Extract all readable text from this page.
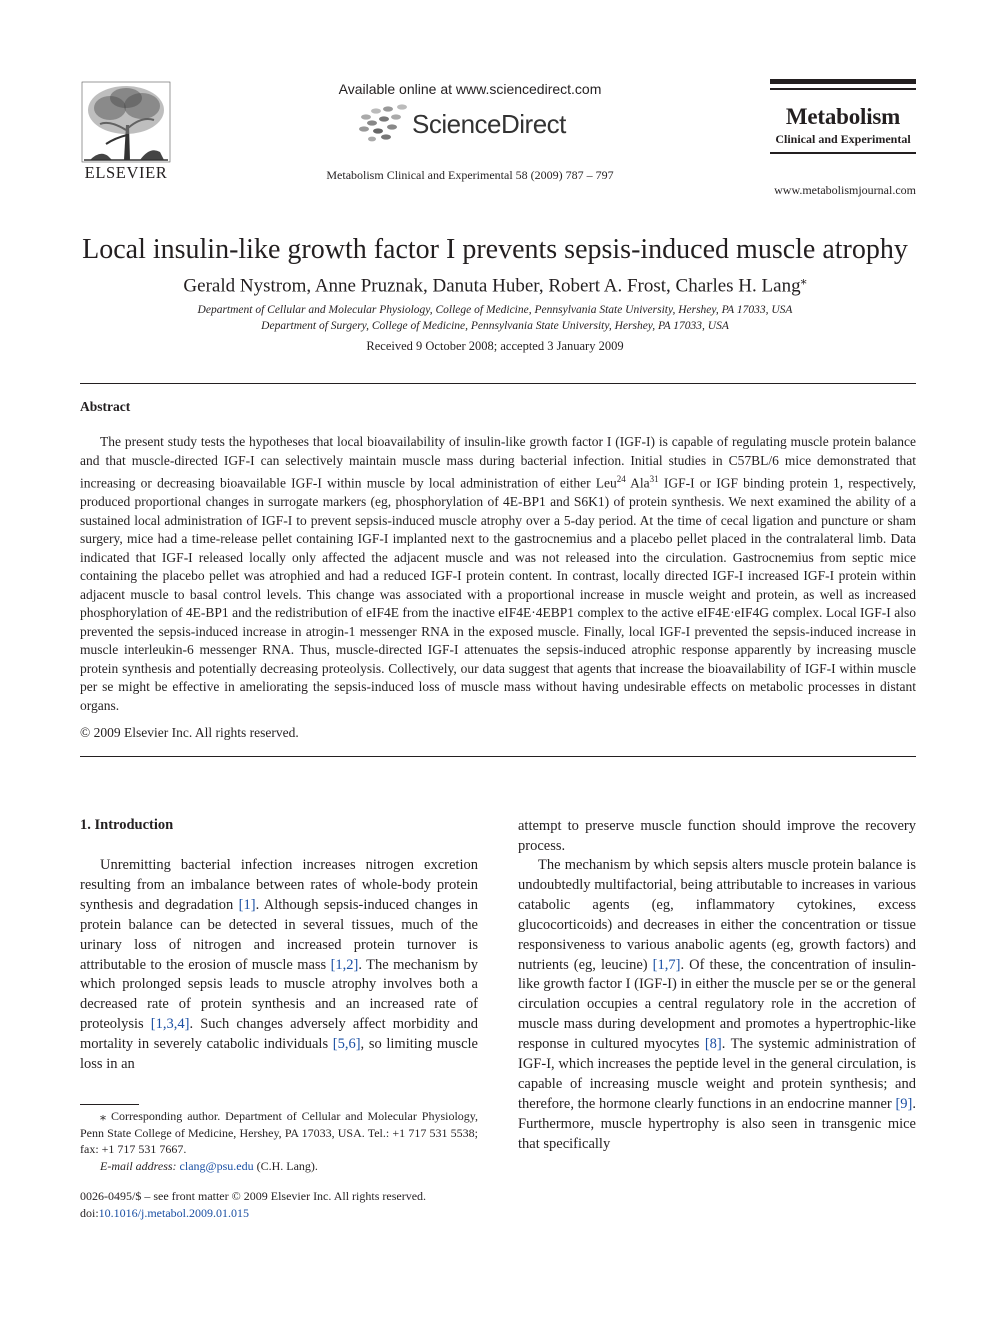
ELSEVIER
Available online at www.sciencedirect.com
ScienceDirect
Metabolism Clinical and Experimental 58 (2009) 787 – 797
Metabolism
Clinical and Experimental
www.metabolismjournal.com
Local insulin-like growth factor I prevents sepsis-induced muscle atrophy
Gerald Nystrom, Anne Pruznak, Danuta Huber, Robert A. Frost, Charles H. Lang⁎
Department of Cellular and Molecular Physiology, College of Medicine, Pennsylvania State University, Hershey, PA 17033, USA
Department of Surgery, College of Medicine, Pennsylvania State University, Hershey, PA 17033, USA
Received 9 October 2008; accepted 3 January 2009
Abstract
The present study tests the hypotheses that local bioavailability of insulin-like growth factor I (IGF-I) is capable of regulating muscle protein balance and that muscle-directed IGF-I can selectively maintain muscle mass during bacterial infection. Initial studies in C57BL/6 mice demonstrated that increasing or decreasing bioavailable IGF-I within muscle by local administration of either Leu$^{24}$ Ala$^{31}$ IGF-I or IGF binding protein 1, respectively, produced proportional changes in surrogate markers (eg, phosphorylation of 4E-BP1 and S6K1) of protein synthesis. We next examined the ability of a sustained local administration of IGF-I to prevent sepsis-induced muscle atrophy over a 5-day period. At the time of cecal ligation and puncture or sham surgery, mice had a time-release pellet containing IGF-I implanted next to the gastrocnemius and a placebo pellet placed in the contralateral limb. Data indicated that IGF-I released locally only affected the adjacent muscle and was not released into the circulation. Gastrocnemius from septic mice containing the placebo pellet was atrophied and had a reduced IGF-I protein content. In contrast, locally directed IGF-I increased IGF-I protein within adjacent muscle to basal control levels. This change was associated with a proportional increase in muscle weight and protein, as well as increased phosphorylation of 4E-BP1 and the redistribution of eIF4E from the inactive eIF4E·4EBP1 complex to the active eIF4E·eIF4G complex. Local IGF-I also prevented the sepsis-induced increase in atrogin-1 messenger RNA in the exposed muscle. Finally, local IGF-I prevented the sepsis-induced increase in muscle interleukin-6 messenger RNA. Thus, muscle-directed IGF-I attenuates the sepsis-induced atrophic response apparently by increasing muscle protein synthesis and potentially decreasing proteolysis. Collectively, our data suggest that agents that increase the bioavailability of IGF-I within muscle per se might be effective in ameliorating the sepsis-induced loss of muscle mass without having undesirable effects on metabolic processes in distant organs.
© 2009 Elsevier Inc. All rights reserved.
1. Introduction
Unremitting bacterial infection increases nitrogen excretion resulting from an imbalance between rates of whole-body protein synthesis and degradation [1]. Although sepsis-induced changes in protein balance can be detected in several tissues, much of the urinary loss of nitrogen and increased protein turnover is attributable to the erosion of muscle mass [1,2]. The mechanism by which prolonged sepsis leads to muscle atrophy involves both a decreased rate of protein synthesis and an increased rate of proteolysis [1,3,4]. Such changes adversely affect morbidity and mortality in severely catabolic individuals [5,6], so limiting muscle loss in an
⁎ Corresponding author. Department of Cellular and Molecular Physiology, Penn State College of Medicine, Hershey, PA 17033, USA. Tel.: +1 717 531 5538; fax: +1 717 531 7667.
E-mail address: clang@psu.edu (C.H. Lang).
0026-0495/$ – see front matter © 2009 Elsevier Inc. All rights reserved.
doi:10.1016/j.metabol.2009.01.015
attempt to preserve muscle function should improve the recovery process.
The mechanism by which sepsis alters muscle protein balance is undoubtedly multifactorial, being attributable to increases in various catabolic agents (eg, inflammatory cytokines, excess glucocorticoids) and decreases in either the concentration or tissue responsiveness to various anabolic agents (eg, growth factors) and nutrients (eg, leucine) [1,7]. Of these, the concentration of insulin-like growth factor I (IGF-I) in either the muscle per se or the general circulation occupies a central regulatory role in the accretion of muscle mass during development and promotes a hypertrophic-like response in cultured myocytes [8]. The systemic administration of IGF-I, which increases the peptide level in the general circulation, is capable of increasing muscle weight and protein synthesis; and therefore, the hormone clearly functions in an endocrine manner [9]. Furthermore, muscle hypertrophy is also seen in transgenic mice that specifically
